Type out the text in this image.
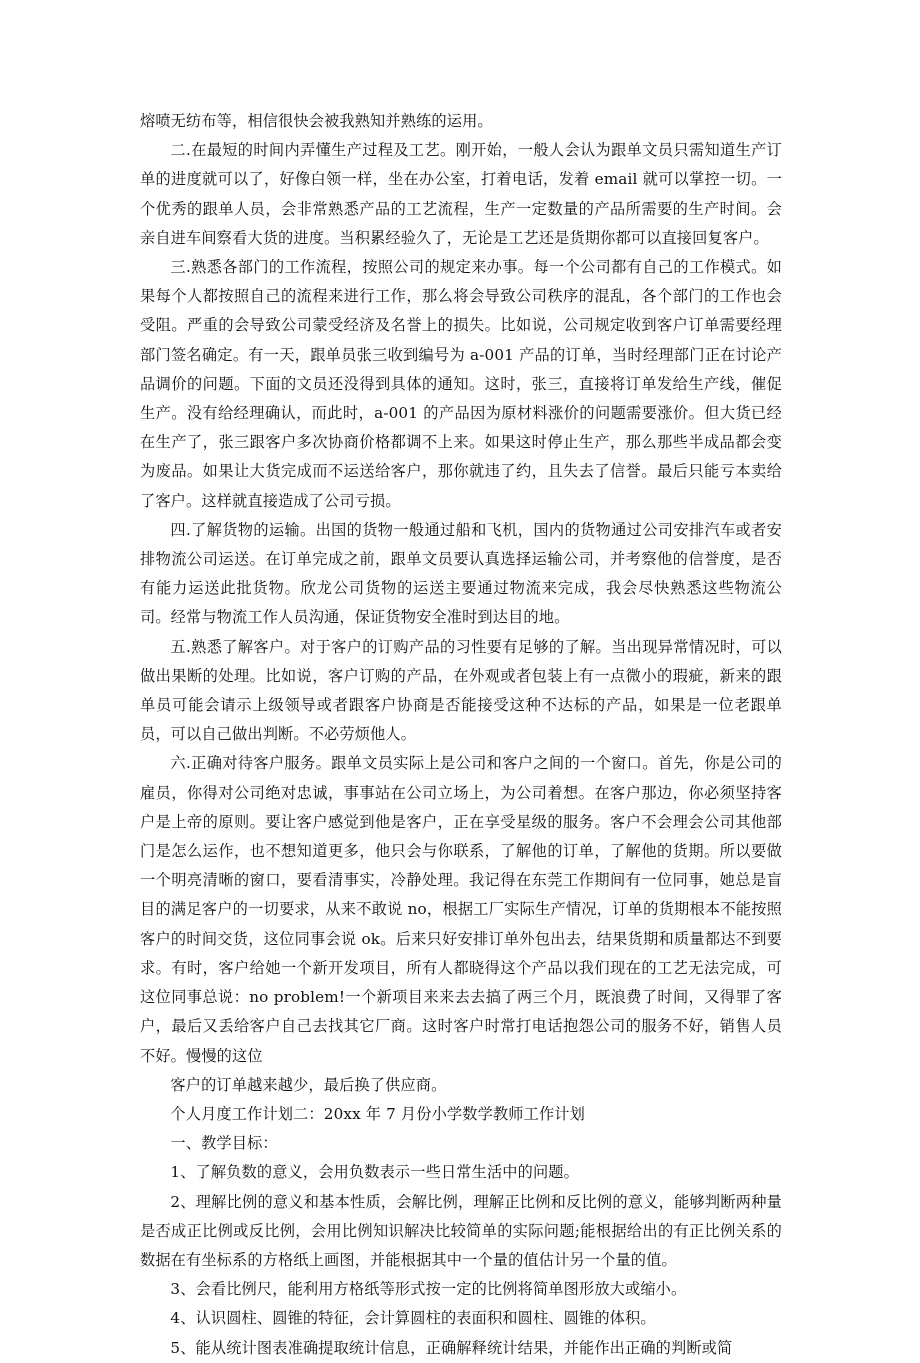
熔喷无纺布等，相信很快会被我熟知并熟练的运用。

二.在最短的时间内弄懂生产过程及工艺。刚开始，一般人会认为跟单文员只需知道生产订单的进度就可以了，好像白领一样，坐在办公室，打着电话，发着 email 就可以掌控一切。一个优秀的跟单人员，会非常熟悉产品的工艺流程，生产一定数量的产品所需要的生产时间。会亲自进车间察看大货的进度。当积累经验久了，无论是工艺还是货期你都可以直接回复客户。

三.熟悉各部门的工作流程，按照公司的规定来办事。每一个公司都有自己的工作模式。如果每个人都按照自己的流程来进行工作，那么将会导致公司秩序的混乱，各个部门的工作也会受阻。严重的会导致公司蒙受经济及名誉上的损失。比如说，公司规定收到客户订单需要经理部门签名确定。有一天，跟单员张三收到编号为 a-001 产品的订单，当时经理部门正在讨论产品调价的问题。下面的文员还没得到具体的通知。这时，张三，直接将订单发给生产线，催促生产。没有给经理确认，而此时，a-001 的产品因为原材料涨价的问题需要涨价。但大货已经在生产了，张三跟客户多次协商价格都调不上来。如果这时停止生产，那么那些半成品都会变为废品。如果让大货完成而不运送给客户，那你就违了约，且失去了信誉。最后只能亏本卖给了客户。这样就直接造成了公司亏损。

四.了解货物的运输。出国的货物一般通过船和飞机，国内的货物通过公司安排汽车或者安排物流公司运送。在订单完成之前，跟单文员要认真选择运输公司，并考察他的信誉度，是否有能力运送此批货物。欣龙公司货物的运送主要通过物流来完成，我会尽快熟悉这些物流公司。经常与物流工作人员沟通，保证货物安全准时到达目的地。

五.熟悉了解客户。对于客户的订购产品的习性要有足够的了解。当出现异常情况时，可以做出果断的处理。比如说，客户订购的产品，在外观或者包装上有一点微小的瑕疵，新来的跟单员可能会请示上级领导或者跟客户协商是否能接受这种不达标的产品，如果是一位老跟单员，可以自己做出判断。不必劳烦他人。

六.正确对待客户服务。跟单文员实际上是公司和客户之间的一个窗口。首先，你是公司的雇员，你得对公司绝对忠诚，事事站在公司立场上，为公司着想。在客户那边，你必须坚持客户是上帝的原则。要让客户感觉到他是客户，正在享受星级的服务。客户不会理会公司其他部门是怎么运作，也不想知道更多，他只会与你联系，了解他的订单，了解他的货期。所以要做一个明亮清晰的窗口，要看清事实，冷静处理。我记得在东莞工作期间有一位同事，她总是盲目的满足客户的一切要求，从来不敢说 no，根据工厂实际生产情况，订单的货期根本不能按照客户的时间交货，这位同事会说 ok。后来只好安排订单外包出去，结果货期和质量都达不到要求。有时，客户给她一个新开发项目，所有人都晓得这个产品以我们现在的工艺无法完成，可这位同事总说：no problem!一个新项目来来去去搞了两三个月，既浪费了时间，又得罪了客户，最后又丢给客户自己去找其它厂商。这时客户时常打电话抱怨公司的服务不好，销售人员不好。慢慢的这位

客户的订单越来越少，最后换了供应商。

个人月度工作计划二：20xx 年 7 月份小学数学教师工作计划

一、教学目标：

1、了解负数的意义，会用负数表示一些日常生活中的问题。

2、理解比例的意义和基本性质，会解比例，理解正比例和反比例的意义，能够判断两种量是否成正比例或反比例，会用比例知识解决比较简单的实际问题;能根据给出的有正比例关系的数据在有坐标系的方格纸上画图，并能根据其中一个量的值估计另一个量的值。

3、会看比例尺，能利用方格纸等形式按一定的比例将简单图形放大或缩小。

4、认识圆柱、圆锥的特征，会计算圆柱的表面积和圆柱、圆锥的体积。

5、能从统计图表准确提取统计信息，正确解释统计结果，并能作出正确的判断或简
